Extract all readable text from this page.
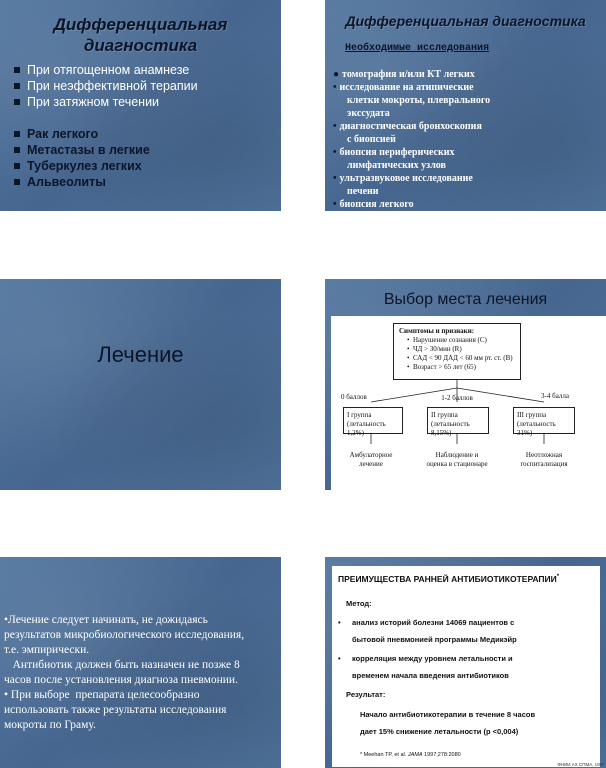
Дифференциальная диагностика
При отягощенном анамнезе
При неэффективной терапии
При затяжном течении
Рак легкого
Метастазы в легкие
Туберкулез легких
Альвеолиты
Дифференциальная диагностика
Необходимые исследования
● томография и/или КТ легких
• исследование на атипические
клетки мокроты, плеврального
экссудата
• диагностическая бронхоскопия
с биопсией
• биопсия периферических
лимфатических узлов
• ультразвуковое исследование
печени
• биопсия легкого
Лечение
Выбор места лечения
Симптомы и признаки:
•  Нарушение сознания (С)
•  ЧД > 30/мин (R)
•  САД < 90 ДАД < 60 мм рт. ст. (В)
•  Возраст > 65 лет (65)
0 баллов	1-2 баллов	3-4 балла
I группа
(летальность 1,2%)
II группа
(летальность 8,15%)
III группа
(летальность 31%)
Амбулаторное
лечение
Наблюдение и
оценка в стационаре
Неотложная
госпитализация
•Лечение следует начинать, не дожидаясь
результатов микробиологического исследования,
т.е. эмпирически.
Антибиотик должен быть назначен не позже 8
часов после установления диагноза пневмонии.
• При выборе  препарата целесообразно
использовать также результаты исследования
мокроты по Граму.
ПРЕИМУЩЕСТВА РАННЕЙ АНТИБИОТИКОТЕРАПИИ*
Метод:
• анализ историй болезни 14069 пациентов с
бытовой пневмонией программы Медикэйр
• корреляция между уровнем летальности и
временем начала введения антибиотиков
Результат:
Начало антибиотикотерапии в течение 8 часов
дает 15% снижение летальности (р <0,004)
* Meehan TP, et al. JAMA 1997;278:2080
ФНИИ АХ СПМА, USP
